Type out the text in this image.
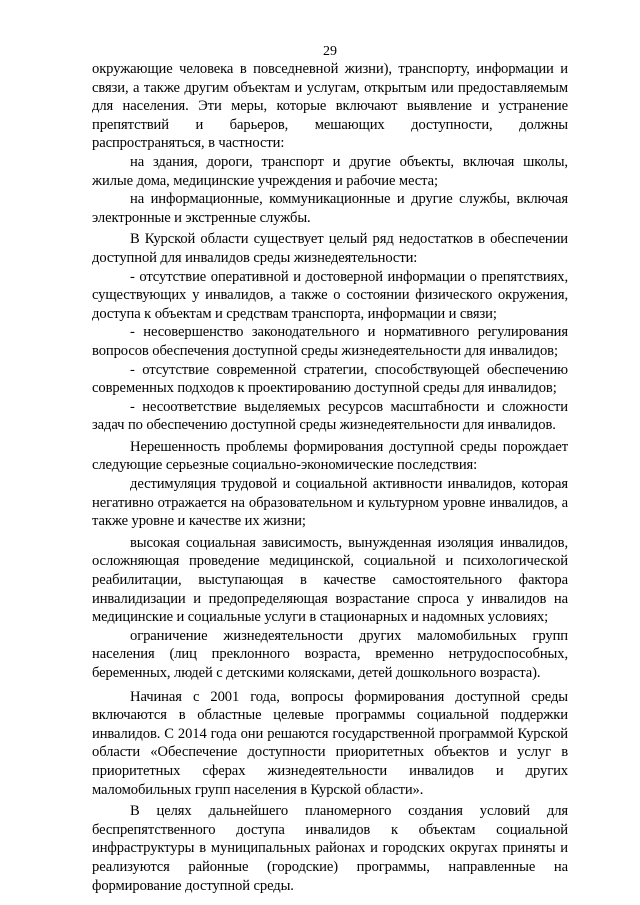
29

окружающие человека в повседневной жизни), транспорту, информации и связи, а также другим объектам и услугам, открытым или предоставляемым для населения. Эти меры, которые включают выявление и устранение препятствий и барьеров, мешающих доступности, должны распространяться, в частности:

на здания, дороги, транспорт и другие объекты, включая школы, жилые дома, медицинские учреждения и рабочие места;

на информационные, коммуникационные и другие службы, включая электронные и экстренные службы.

В Курской области существует целый ряд недостатков в обеспечении доступной для инвалидов среды жизнедеятельности:

- отсутствие оперативной и достоверной информации о препятствиях, существующих у инвалидов, а также о состоянии физического окружения, доступа к объектам и средствам транспорта, информации и связи;

- несовершенство законодательного и нормативного регулирования вопросов обеспечения доступной среды жизнедеятельности для инвалидов;

- отсутствие современной стратегии, способствующей обеспечению современных подходов к проектированию доступной среды для инвалидов;

- несоответствие выделяемых ресурсов масштабности и сложности задач по обеспечению доступной среды жизнедеятельности для инвалидов.

Нерешенность проблемы формирования доступной среды порождает следующие серьезные социально-экономические последствия:

дестимуляция трудовой и социальной активности инвалидов, которая негативно отражается на образовательном и культурном уровне инвалидов, а также уровне и качестве их жизни;

высокая социальная зависимость, вынужденная изоляция инвалидов, осложняющая проведение медицинской, социальной и психологической реабилитации, выступающая в качестве самостоятельного фактора инвалидизации и предопределяющая возрастание спроса у инвалидов на медицинские и социальные услуги в стационарных и надомных условиях;

ограничение жизнедеятельности других маломобильных групп населения (лиц преклонного возраста, временно нетрудоспособных, беременных, людей с детскими колясками, детей дошкольного возраста).

Начиная с 2001 года, вопросы формирования доступной среды включаются в областные целевые программы социальной поддержки инвалидов. С 2014 года они решаются государственной программой Курской области «Обеспечение доступности приоритетных объектов и услуг в приоритетных сферах жизнедеятельности инвалидов и других маломобильных групп населения в Курской области».

В целях дальнейшего планомерного создания условий для беспрепятственного доступа инвалидов к объектам социальной инфраструктуры в муниципальных районах и городских округах приняты и реализуются районные (городские) программы, направленные на формирование доступной среды.
